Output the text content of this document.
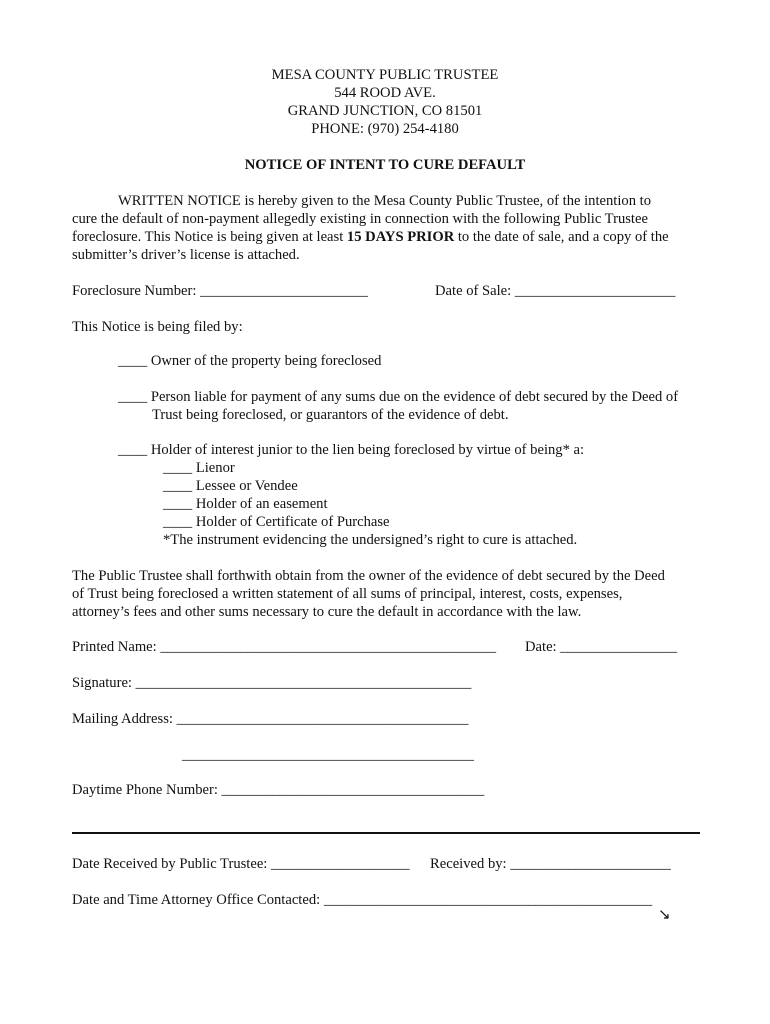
MESA COUNTY PUBLIC TRUSTEE
544 ROOD AVE.
GRAND JUNCTION, CO 81501
PHONE: (970) 254-4180
NOTICE OF INTENT TO CURE DEFAULT
WRITTEN NOTICE is hereby given to the Mesa County Public Trustee, of the intention to
cure the default of non-payment allegedly existing in connection with the following Public Trustee
foreclosure. This Notice is being given at least 15 DAYS PRIOR to the date of sale, and a copy of the
submitter’s driver’s license is attached.
Foreclosure Number: _______________________	Date of Sale: ______________________
This Notice is being filed by:
____ Owner of the property being foreclosed
____ Person liable for payment of any sums due on the evidence of debt secured by the Deed of
Trust being foreclosed, or guarantors of the evidence of debt.
____ Holder of interest junior to the lien being foreclosed by virtue of being* a:
____ Lienor
____ Lessee or Vendee
____ Holder of an easement
____ Holder of Certificate of Purchase
*The instrument evidencing the undersigned’s right to cure is attached.
The Public Trustee shall forthwith obtain from the owner of the evidence of debt secured by the Deed
of Trust being foreclosed a written statement of all sums of principal, interest, costs, expenses,
attorney’s fees and other sums necessary to cure the default in accordance with the law.
Printed Name: ______________________________________________ Date: ________________
Signature: ______________________________________________
Mailing Address: ________________________________________
________________________________________
Daytime Phone Number: ____________________________________
Date Received by Public Trustee: ___________________ Received by: ______________________
Date and Time Attorney Office Contacted: _____________________________________________
↘
